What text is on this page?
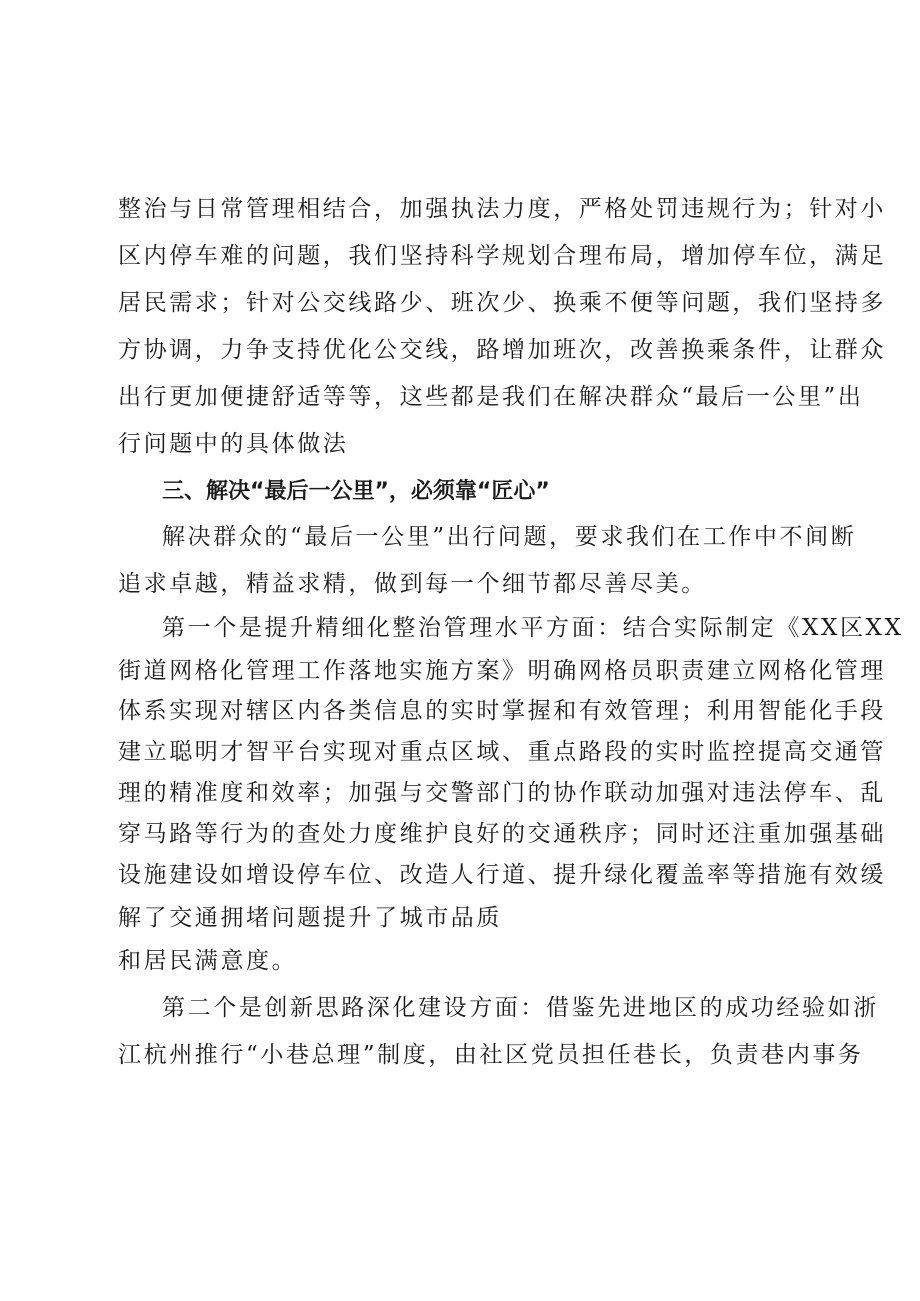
整治与日常管理相结合，加强执法力度，严格处罚违规行为；针对小
区内停车难的问题，我们坚持科学规划合理布局，增加停车位，满足
居民需求；针对公交线路少、班次少、换乘不便等问题，我们坚持多
方协调，力争支持优化公交线，路增加班次，改善换乘条件，让群众
出行更加便捷舒适等等，这些都是我们在解决群众“最后一公里”出
行问题中的具体做法
三、解决“最后一公里”，必须靠“匠心”
解决群众的“最后一公里”出行问题，要求我们在工作中不间断
追求卓越，精益求精，做到每一个细节都尽善尽美。
第一个是提升精细化整治管理水平方面：结合实际制定《XX区XX
街道网格化管理工作落地实施方案》明确网格员职责建立网格化管理
体系实现对辖区内各类信息的实时掌握和有效管理；利用智能化手段
建立聪明才智平台实现对重点区域、重点路段的实时监控提高交通管
理的精准度和效率；加强与交警部门的协作联动加强对违法停车、乱
穿马路等行为的查处力度维护良好的交通秩序；同时还注重加强基础
设施建设如增设停车位、改造人行道、提升绿化覆盖率等措施有效缓
解了交通拥堵问题提升了城市品质
和居民满意度。
第二个是创新思路深化建设方面：借鉴先进地区的成功经验如浙
江杭州推行“小巷总理”制度，由社区党员担任巷长，负责巷内事务
